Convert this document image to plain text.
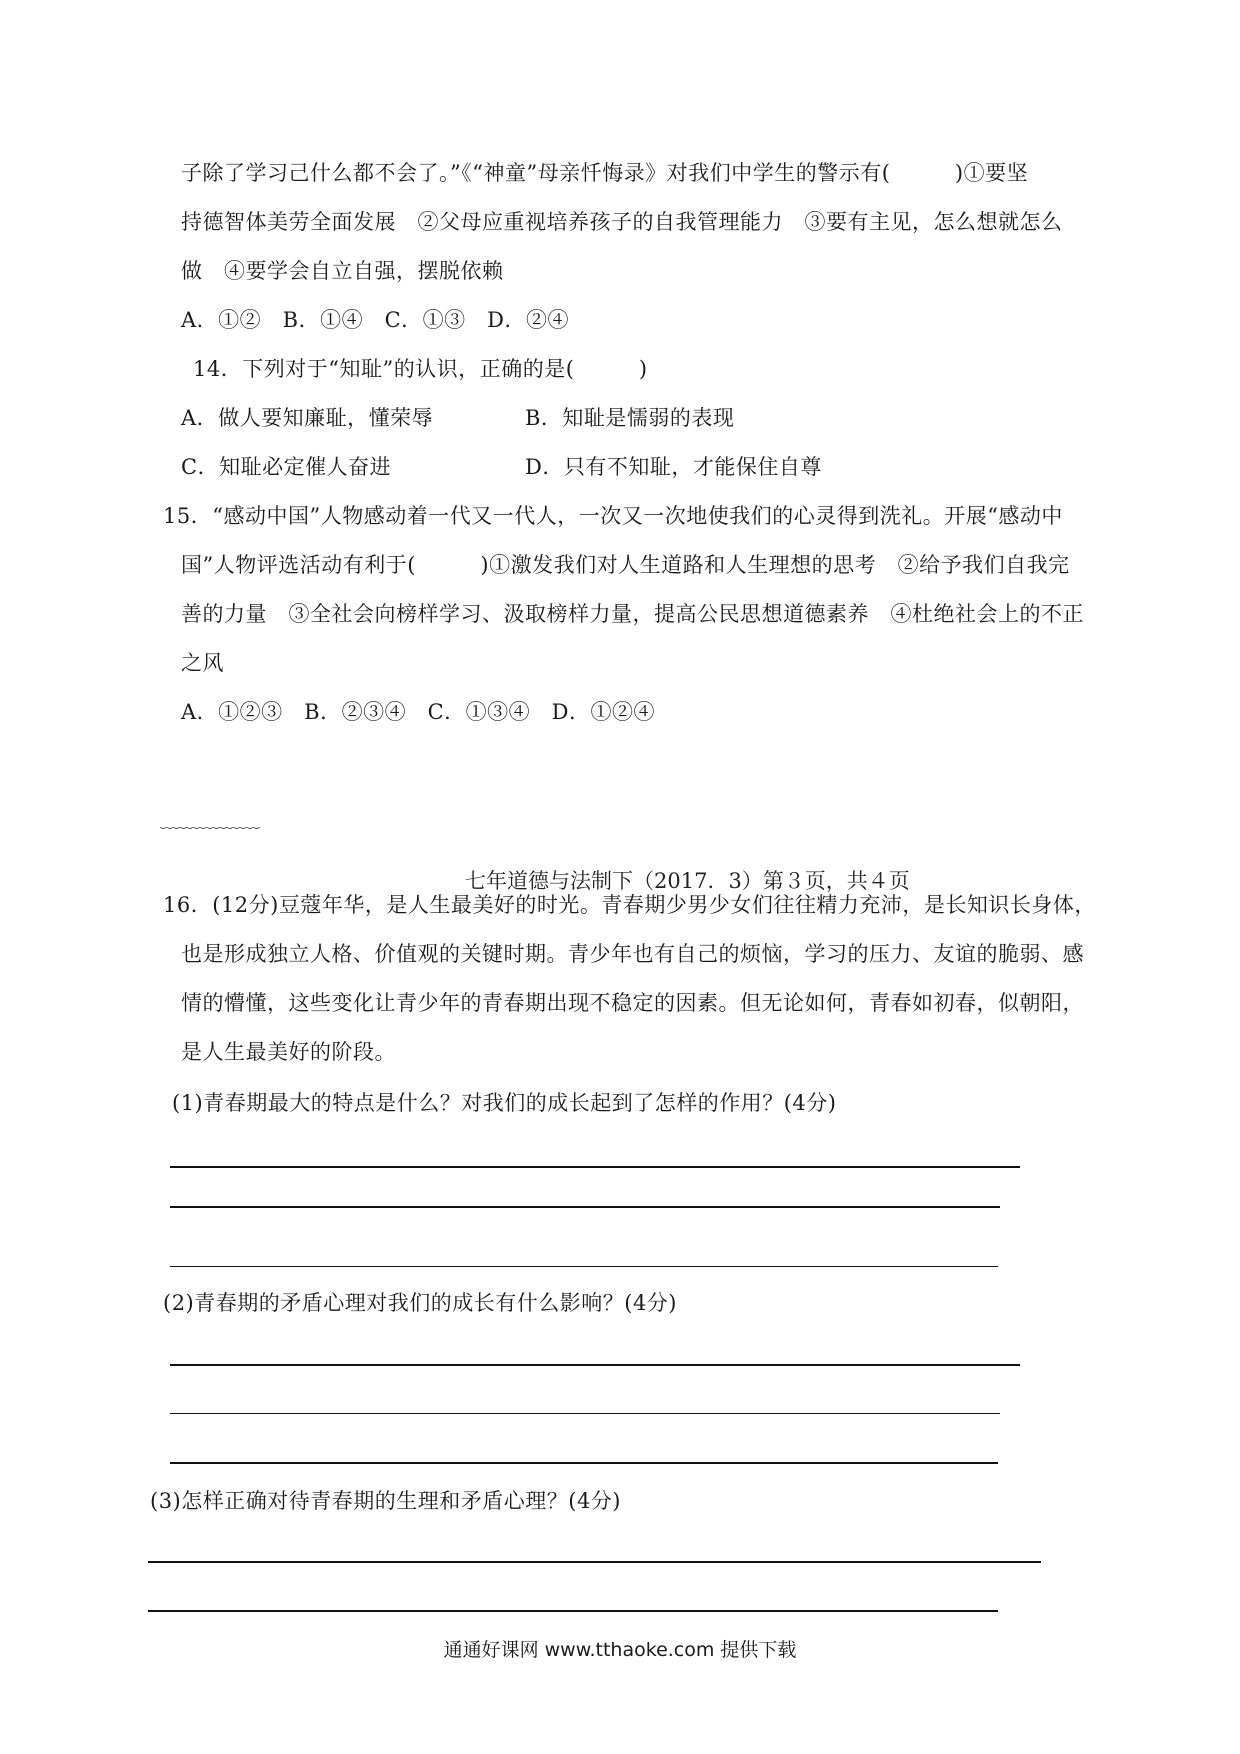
子除了学习己什么都不会了。”《“神童”母亲忏悔录》对我们中学生的警示有(　　　)①要坚
持德智体美劳全面发展　②父母应重视培养孩子的自我管理能力　③要有主见，怎么想就怎么
做　④要学会自立自强，摆脱依赖
A．①②　B．①④　C．①③　D．②④
14．下列对于“知耻”的认识，正确的是(　　　)
A．做人要知廉耻，懂荣辱	B．知耻是懦弱的表现
C．知耻必定催人奋进	D．只有不知耻，才能保住自尊
15．“感动中国”人物感动着一代又一代人，一次又一次地使我们的心灵得到洗礼。开展“感动中
国”人物评选活动有利于(　　　)①激发我们对人生道路和人生理想的思考　②给予我们自我完
善的力量　③全社会向榜样学习、汲取榜样力量，提高公民思想道德素养　④杜绝社会上的不正
之风
A．①②③　B．②③④　C．①③④　D．①②④
﹋﹋﹋﹋﹋
七年道德与法制下（2017．3）第３页，共４页
16．(12分)豆蔻年华，是人生最美好的时光。青春期少男少女们往往精力充沛，是长知识长身体，
也是形成独立人格、价值观的关键时期。青少年也有自己的烦恼，学习的压力、友谊的脆弱、感
情的懵懂，这些变化让青少年的青春期出现不稳定的因素。但无论如何，青春如初春，似朝阳，
是人生最美好的阶段。
(1)青春期最大的特点是什么？对我们的成长起到了怎样的作用？(4分)
(2)青春期的矛盾心理对我们的成长有什么影响？(4分)
(3)怎样正确对待青春期的生理和矛盾心理？(4分)
通通好课网 www.tthaoke.com 提供下载
